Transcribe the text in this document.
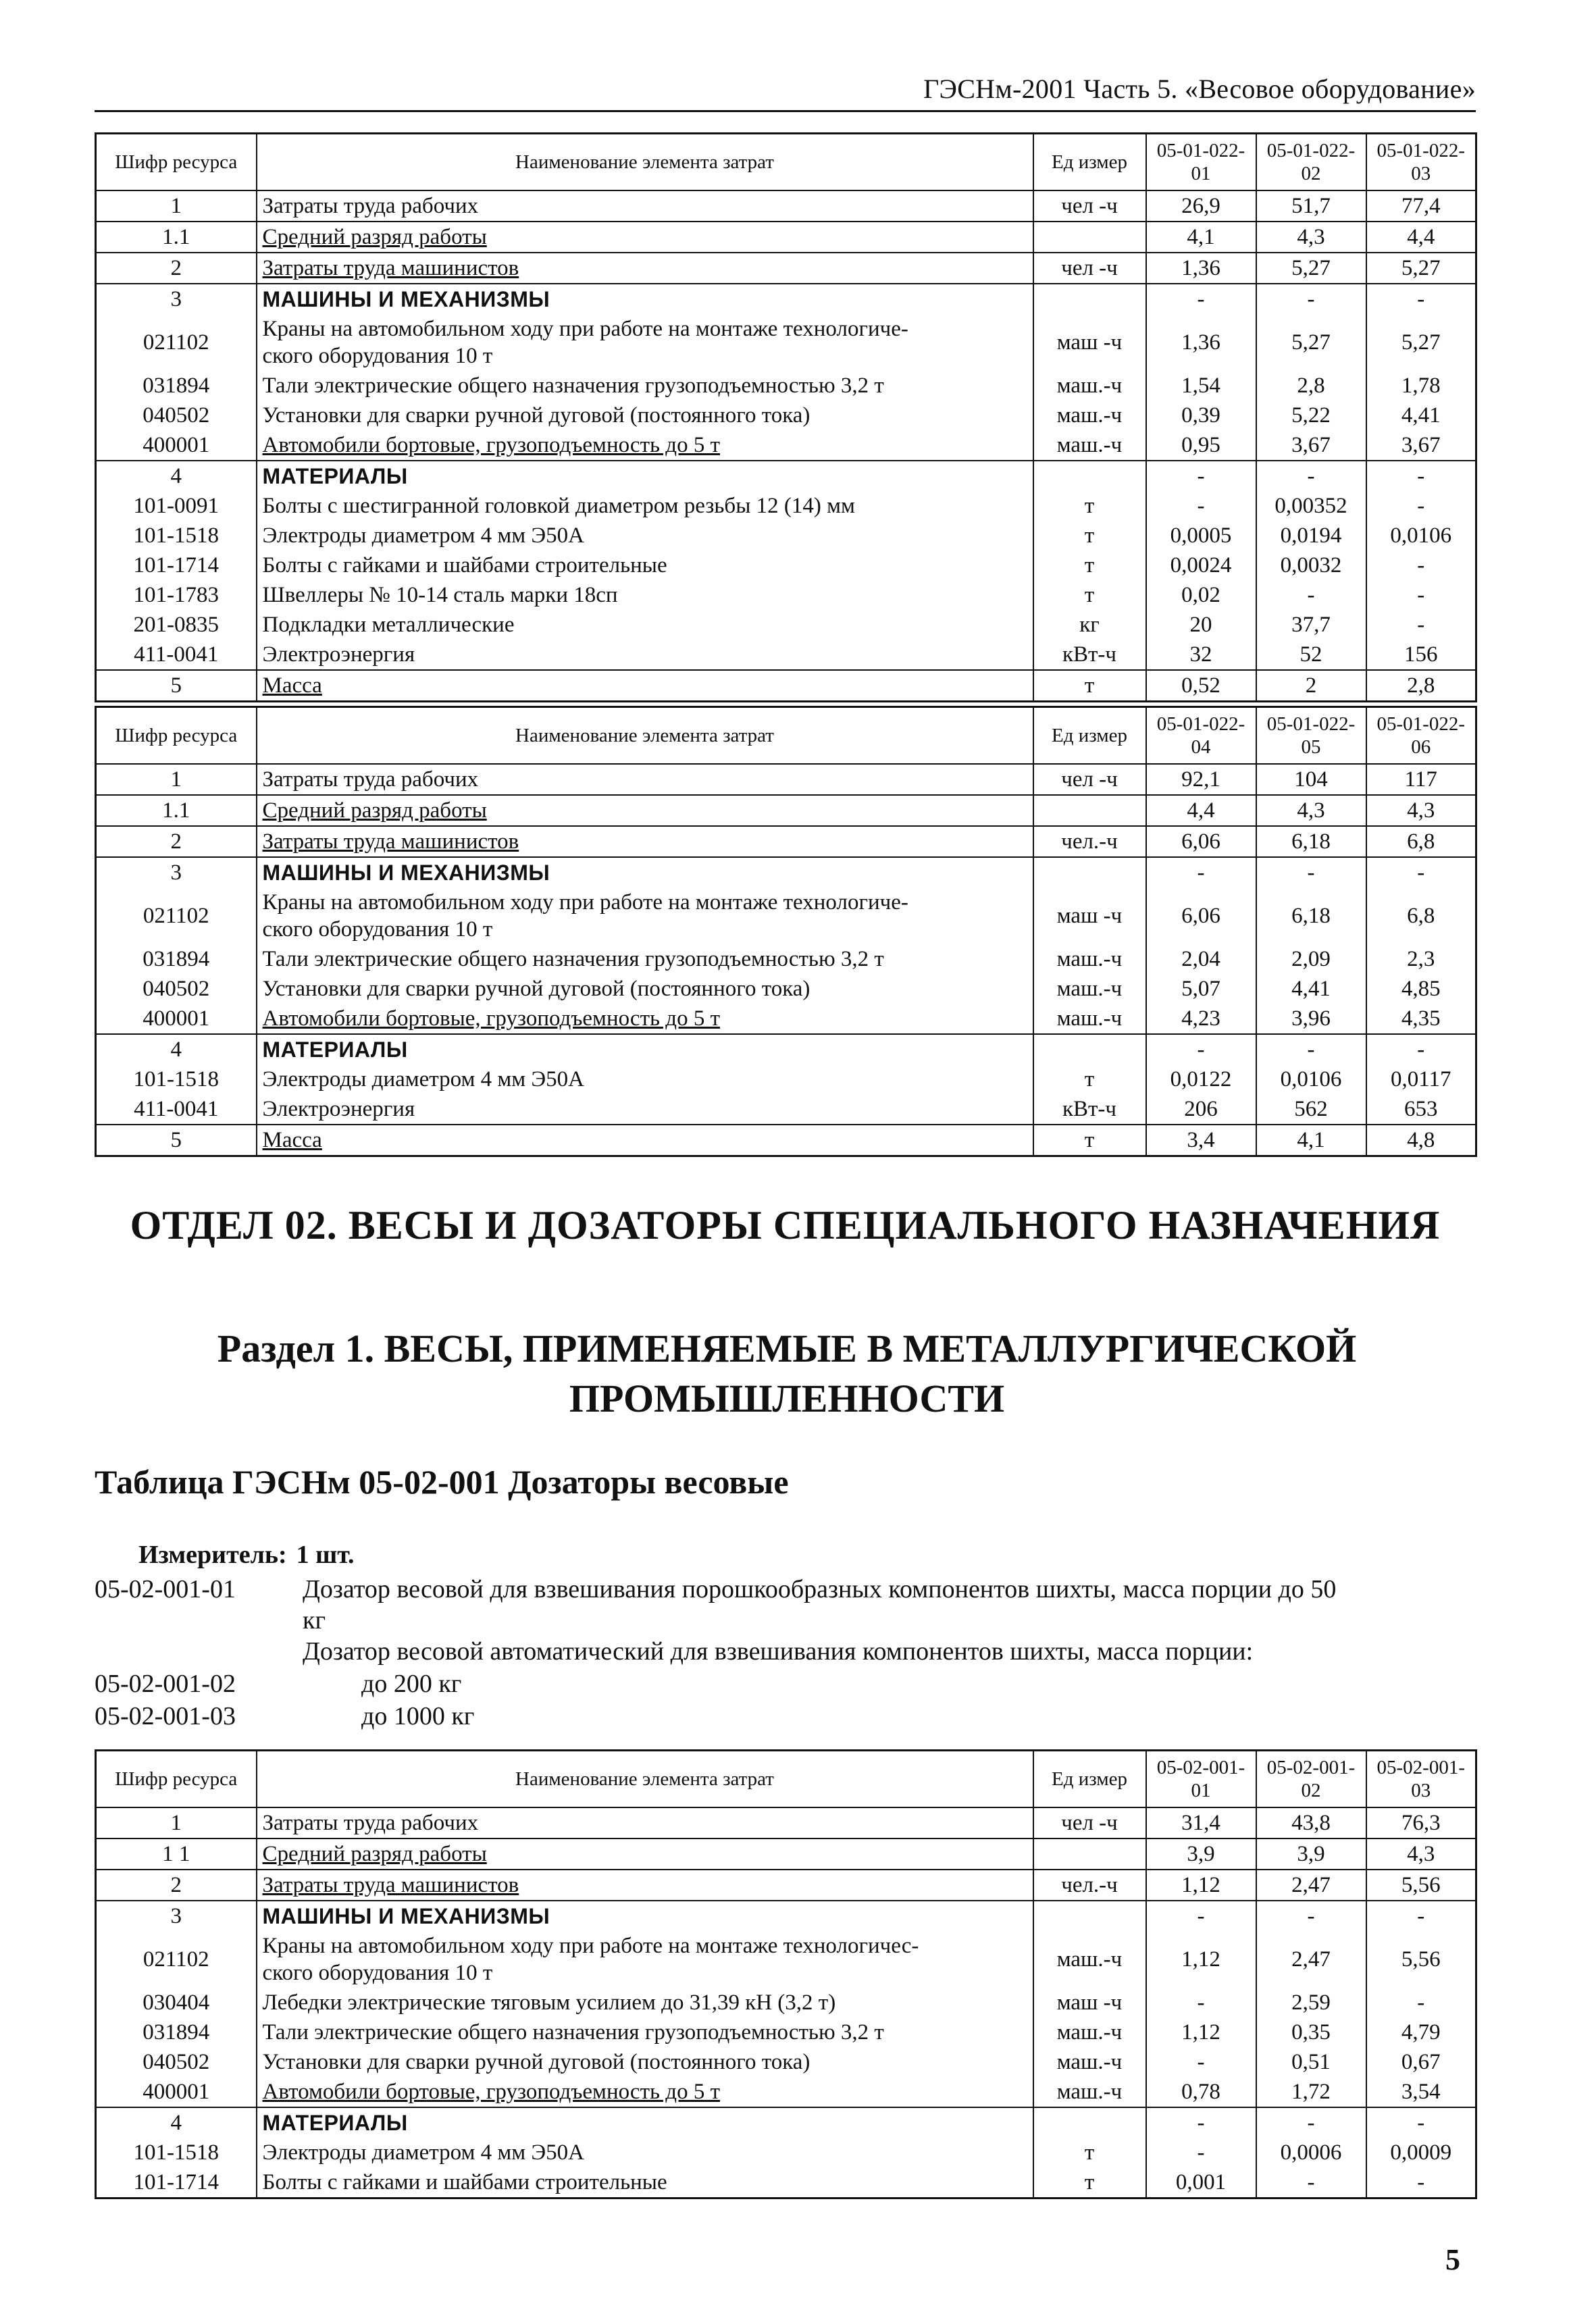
ГЭСНм-2001 Часть 5. «Весовое оборудование»
Шифр ресурса	Наименование элемента затрат	Ед измер	05-01-022-01	05-01-022-02	05-01-022-03
1	Затраты труда рабочих	чел -ч	26,9	51,7	77,4
1.1	Средний разряд работы		4,1	4,3	4,4
2	Затраты труда машинистов	чел -ч	1,36	5,27	5,27
3	МАШИНЫ И МЕХАНИЗМЫ		-	-	-
021102	Краны на автомобильном ходу при работе на монтаже технологиче-
ского оборудования 10 т	маш -ч	1,36	5,27	5,27
031894	Тали электрические общего назначения грузоподъемностью 3,2 т	маш.-ч	1,54	2,8	1,78
040502	Установки для сварки ручной дуговой (постоянного тока)	маш.-ч	0,39	5,22	4,41
400001	Автомобили бортовые, грузоподъемность до 5 т	маш.-ч	0,95	3,67	3,67
4	МАТЕРИАЛЫ		-	-	-
101-0091	Болты с шестигранной головкой диаметром резьбы 12 (14) мм	т	-	0,00352	-
101-1518	Электроды диаметром 4 мм Э50А	т	0,0005	0,0194	0,0106
101-1714	Болты с гайками и шайбами строительные	т	0,0024	0,0032	-
101-1783	Швеллеры № 10-14 сталь марки 18сп	т	0,02	-	-
201-0835	Подкладки металлические	кг	20	37,7	-
411-0041	Электроэнергия	кВт-ч	32	52	156
5	Масса	т	0,52	2	2,8
Шифр ресурса	Наименование элемента затрат	Ед измер	05-01-022-04	05-01-022-05	05-01-022-06
1	Затраты труда рабочих	чел -ч	92,1	104	117
1.1	Средний разряд работы		4,4	4,3	4,3
2	Затраты труда машинистов	чел.-ч	6,06	6,18	6,8
3	МАШИНЫ И МЕХАНИЗМЫ		-	-	-
021102	Краны на автомобильном ходу при работе на монтаже технологиче-
ского оборудования 10 т	маш -ч	6,06	6,18	6,8
031894	Тали электрические общего назначения грузоподъемностью 3,2 т	маш.-ч	2,04	2,09	2,3
040502	Установки для сварки ручной дуговой (постоянного тока)	маш.-ч	5,07	4,41	4,85
400001	Автомобили бортовые, грузоподъемность до 5 т	маш.-ч	4,23	3,96	4,35
4	МАТЕРИАЛЫ		-	-	-
101-1518	Электроды диаметром 4 мм Э50А	т	0,0122	0,0106	0,0117
411-0041	Электроэнергия	кВт-ч	206	562	653
5	Масса	т	3,4	4,1	4,8
ОТДЕЛ 02. ВЕСЫ И ДОЗАТОРЫ СПЕЦИАЛЬНОГО НАЗНАЧЕНИЯ
Раздел 1. ВЕСЫ, ПРИМЕНЯЕМЫЕ В МЕТАЛЛУРГИЧЕСКОЙ
ПРОМЫШЛЕННОСТИ
Таблица ГЭСНм 05-02-001 Дозаторы весовые
Измеритель: 1 шт.
05-02-001-01	Дозатор весовой для взвешивания порошкообразных компонентов шихты, масса порции до 50
кг
Дозатор весовой автоматический для взвешивания компонентов шихты, масса порции:
05-02-001-02	до 200 кг
05-02-001-03	до 1000 кг
Шифр ресурса	Наименование элемента затрат	Ед измер	05-02-001-01	05-02-001-02	05-02-001-03
1	Затраты труда рабочих	чел -ч	31,4	43,8	76,3
1 1	Средний разряд работы		3,9	3,9	4,3
2	Затраты труда машинистов	чел.-ч	1,12	2,47	5,56
3	МАШИНЫ И МЕХАНИЗМЫ		-	-	-
021102	Краны на автомобильном ходу при работе на монтаже технологичес-
ского оборудования 10 т	маш.-ч	1,12	2,47	5,56
030404	Лебедки электрические тяговым усилием до 31,39 кН (3,2 т)	маш -ч	-	2,59	-
031894	Тали электрические общего назначения грузоподъемностью 3,2 т	маш.-ч	1,12	0,35	4,79
040502	Установки для сварки ручной дуговой (постоянного тока)	маш.-ч	-	0,51	0,67
400001	Автомобили бортовые, грузоподъемность до 5 т	маш.-ч	0,78	1,72	3,54
4	МАТЕРИАЛЫ		-	-	-
101-1518	Электроды диаметром 4 мм Э50А	т	-	0,0006	0,0009
101-1714	Болты с гайками и шайбами строительные	т	0,001	-	-
5
